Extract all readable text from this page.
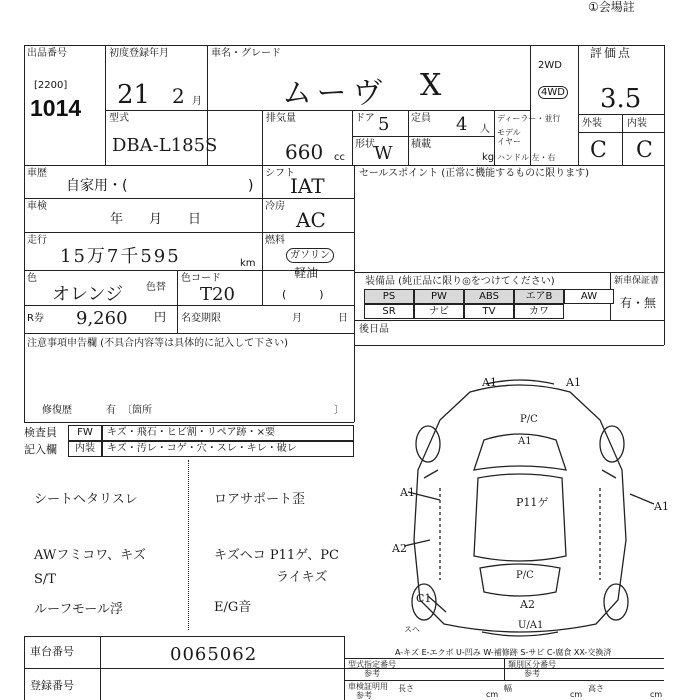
①会場註
出品番号
[2200]
1014
初度登録年月
21 2 月
車名・グレード
ムーヴ X
2WD
4WD
評価点
3.5
型式
DBA-L185S
排気量
660 cc
ドア 5 定員 4 人
形状 W 積載
kg
ディーラー・並行
モデル
イヤー
ハンドル 左・右
外装	内装
C C
車歴
自家用・(	)
シフト
IAT
車検
年　　月　　日
冷房
AC
走行
15万7千595	km
燃料
ガソリン
軽油
(　　　)
色
オレンジ 色替
色コード
T20
R券 9,260 円 名変期限	月	日
注意事項申告欄 (不具合内容等は具体的に記入して下さい)
修復歴	有 〔箇所	〕
セールスポイント (正常に機能するものに限ります)
装備品 (純正品に限り◎をつけてください)	新車保証書
有・無
PS	PW	ABS	エアB	AW
SR	ナビ	TV	カワ
後日品
検査員
記入欄
FW	キズ・飛石・ヒビ割・リペア跡・×要
内装	キズ・汚レ・コゲ・穴・スレ・キレ・破レ
シートヘタリスレ	ロアサポート歪
AWフミコワ、キズ	キズヘコ P11ゲ、PC
S/T	ライキズ
ルーフモール浮	E/G音
A1	A1
P/C
A1
P11ゲ
A1
A1
A2
P/C
C1	A2
スヘ	U/A1
A-キズ E-エクボ U-凹み W-補修跡 S-サビ C-腐食 XX-交換済
車台番号	0065062
登録番号
型式指定番号
参考
類別区分番号
参考
車検証明用
参考
長さ
cm
幅
cm
高さ
cm
